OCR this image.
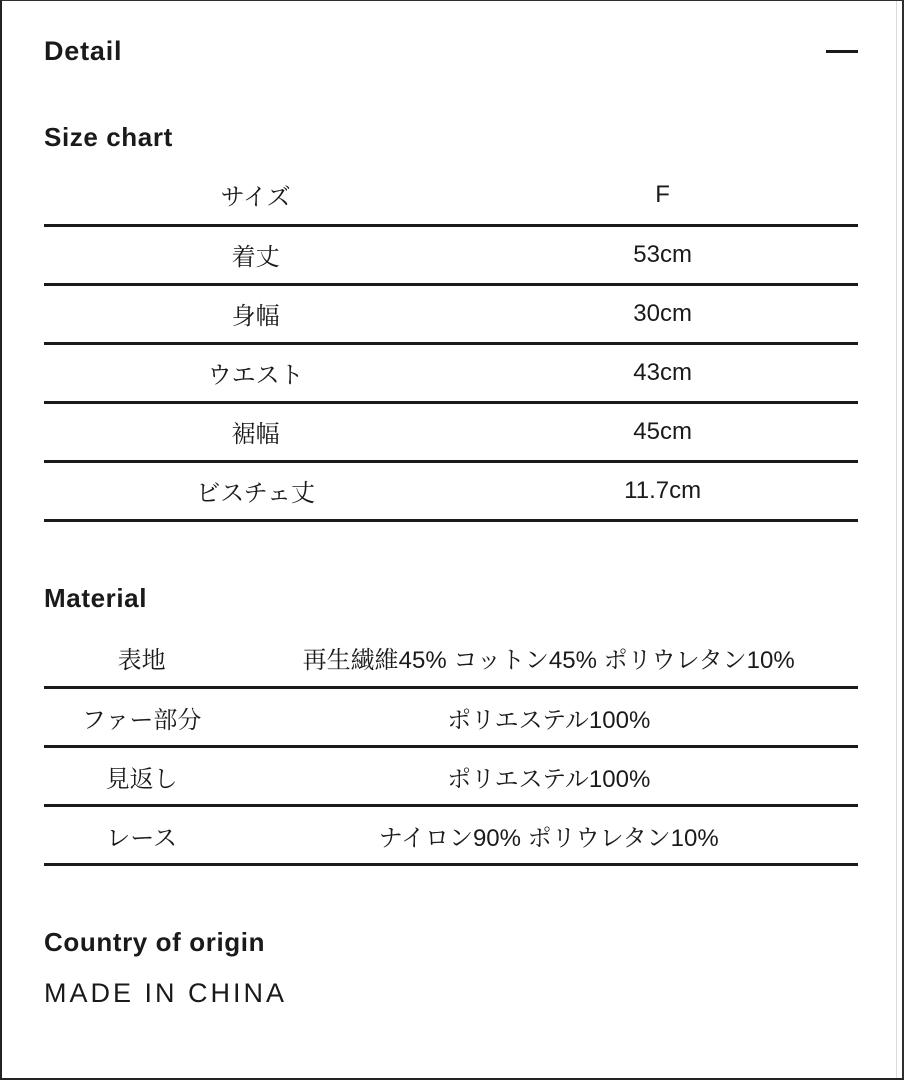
Detail
Size chart
サイズ	F
着丈	53cm
身幅	30cm
ウエスト	43cm
裾幅	45cm
ビスチェ丈	11.7cm
Material
表地	再生繊維45% コットン45% ポリウレタン10%
ファー部分	ポリエステル100%
見返し	ポリエステル100%
レース	ナイロン90% ポリウレタン10%
Country of origin
MADE IN CHINA
